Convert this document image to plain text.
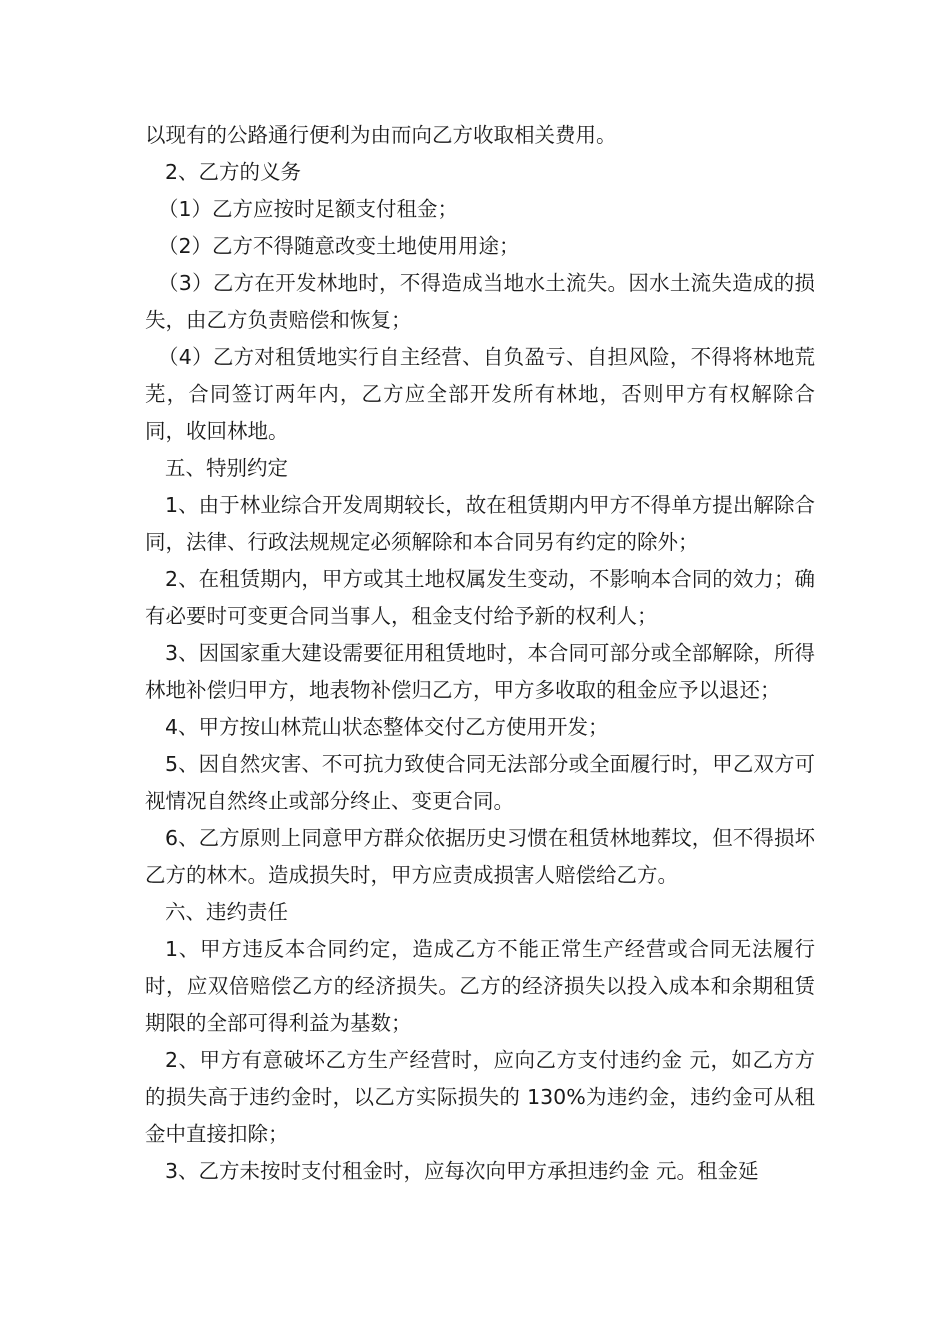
以现有的公路通行便利为由而向乙方收取相关费用。

2、乙方的义务

（1）乙方应按时足额支付租金；

（2）乙方不得随意改变土地使用用途；

（3）乙方在开发林地时，不得造成当地水土流失。因水土流失造成的损失，由乙方负责赔偿和恢复；

（4）乙方对租赁地实行自主经营、自负盈亏、自担风险，不得将林地荒芜，合同签订两年内，乙方应全部开发所有林地，否则甲方有权解除合同，收回林地。

五、特别约定

1、由于林业综合开发周期较长，故在租赁期内甲方不得单方提出解除合同，法律、行政法规规定必须解除和本合同另有约定的除外；

2、在租赁期内，甲方或其土地权属发生变动，不影响本合同的效力；确有必要时可变更合同当事人，租金支付给予新的权利人；

3、因国家重大建设需要征用租赁地时，本合同可部分或全部解除，所得林地补偿归甲方，地表物补偿归乙方，甲方多收取的租金应予以退还；

4、甲方按山林荒山状态整体交付乙方使用开发；

5、因自然灾害、不可抗力致使合同无法部分或全面履行时，甲乙双方可视情况自然终止或部分终止、变更合同。

6、乙方原则上同意甲方群众依据历史习惯在租赁林地葬坟，但不得损坏乙方的林木。造成损失时，甲方应责成损害人赔偿给乙方。

六、违约责任

1、甲方违反本合同约定，造成乙方不能正常生产经营或合同无法履行时，应双倍赔偿乙方的经济损失。乙方的经济损失以投入成本和余期租赁期限的全部可得利益为基数；

2、甲方有意破坏乙方生产经营时，应向乙方支付违约金 元，如乙方方的损失高于违约金时，以乙方实际损失的 130%为违约金，违约金可从租金中直接扣除；

3、乙方未按时支付租金时，应每次向甲方承担违约金 元。租金延
